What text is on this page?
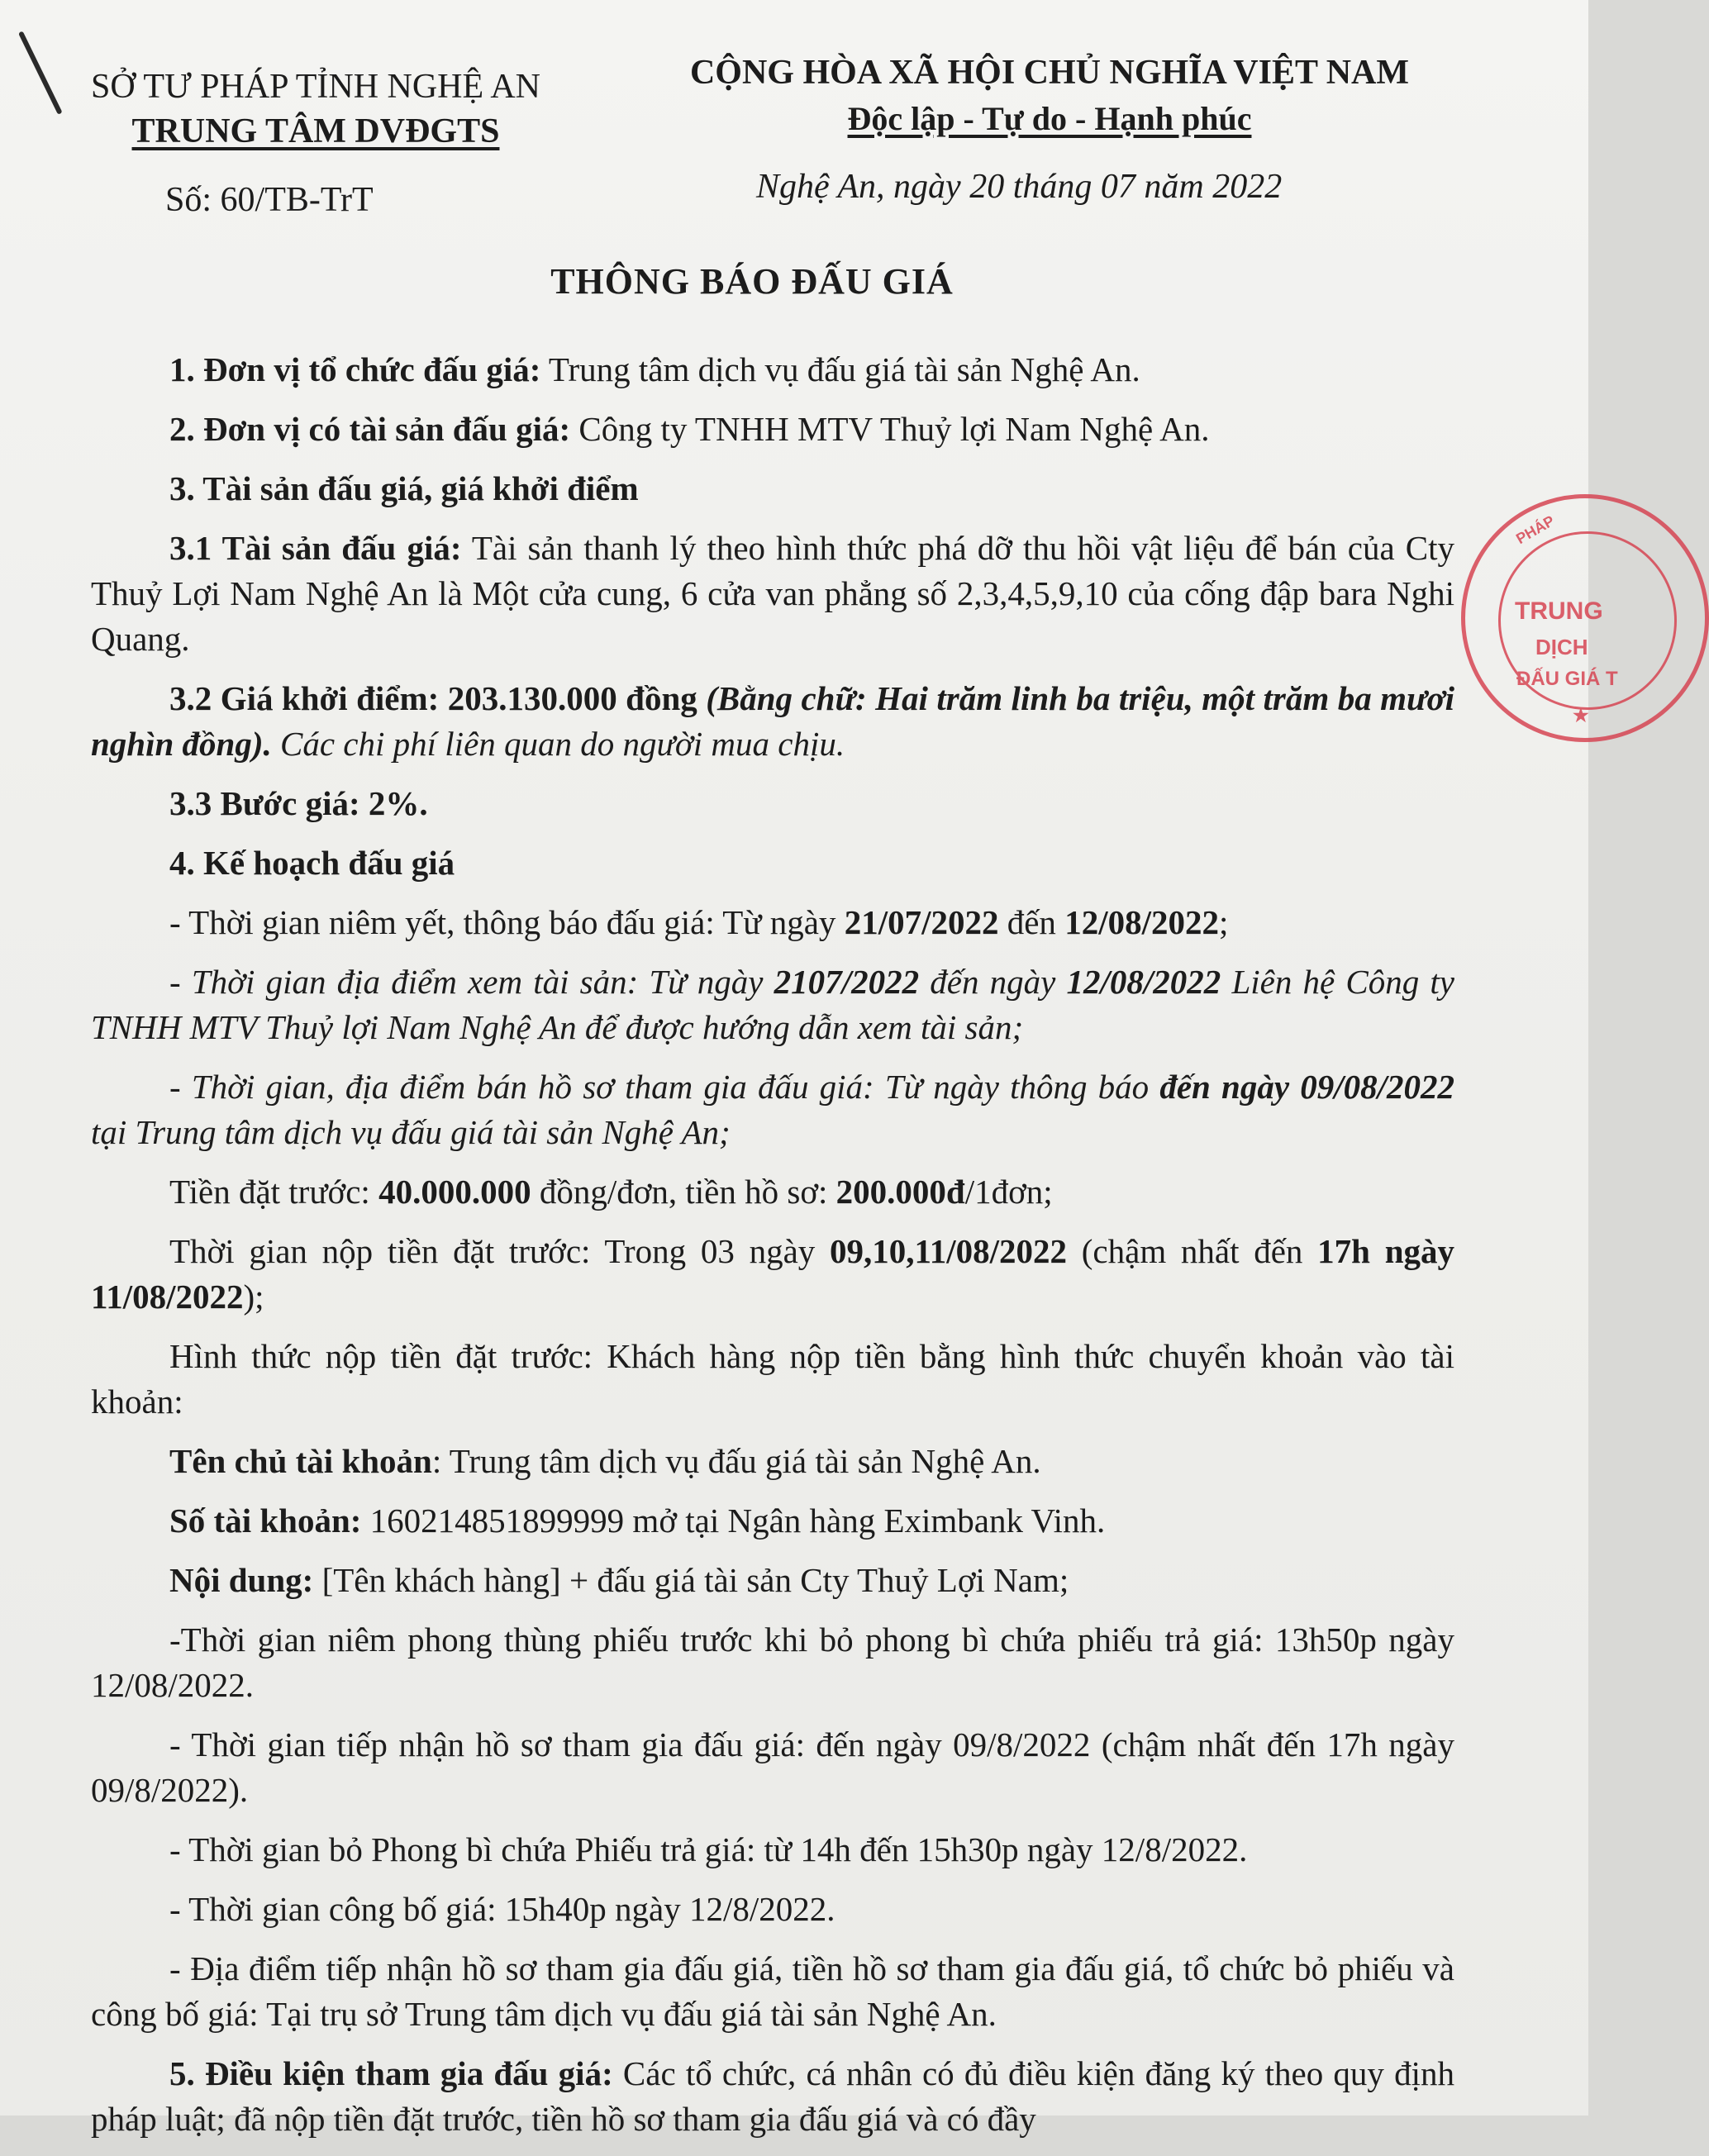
SỞ TƯ PHÁP TỈNH NGHỆ AN
TRUNG TÂM DVĐGTS
CỘNG HÒA XÃ HỘI CHỦ NGHĨA VIỆT NAM
Độc lập - Tự do - Hạnh phúc
Số: 60/TB-TrT	Nghệ An, ngày 20 tháng 07 năm 2022
THÔNG BÁO ĐẤU GIÁ

1. Đơn vị tổ chức đấu giá: Trung tâm dịch vụ đấu giá tài sản Nghệ An.

2. Đơn vị có tài sản đấu giá: Công ty TNHH MTV Thuỷ lợi Nam Nghệ An.

3. Tài sản đấu giá, giá khởi điểm

3.1 Tài sản đấu giá: Tài sản thanh lý theo hình thức phá dỡ thu hồi vật liệu để bán của Cty Thuỷ Lợi Nam Nghệ An là Một cửa cung, 6 cửa van phẳng số 2,3,4,5,9,10 của cống đập bara Nghi Quang.

3.2 Giá khởi điểm: 203.130.000 đồng (Bằng chữ: Hai trăm linh ba triệu, một trăm ba mươi nghìn đồng). Các chi phí liên quan do người mua chịu.

3.3 Bước giá: 2%.

4. Kế hoạch đấu giá

- Thời gian niêm yết, thông báo đấu giá: Từ ngày 21/07/2022 đến 12/08/2022;

- Thời gian địa điểm xem tài sản: Từ ngày 2107/2022 đến ngày 12/08/2022 Liên hệ Công ty TNHH MTV Thuỷ lợi Nam Nghệ An để được hướng dẫn xem tài sản;

- Thời gian, địa điểm bán hồ sơ tham gia đấu giá: Từ ngày thông báo đến ngày 09/08/2022 tại Trung tâm dịch vụ đấu giá tài sản Nghệ An;

Tiền đặt trước: 40.000.000 đồng/đơn, tiền hồ sơ: 200.000đ/1đơn;

Thời gian nộp tiền đặt trước: Trong 03 ngày 09,10,11/08/2022 (chậm nhất đến 17h ngày 11/08/2022);

Hình thức nộp tiền đặt trước: Khách hàng nộp tiền bằng hình thức chuyển khoản vào tài khoản:

Tên chủ tài khoản: Trung tâm dịch vụ đấu giá tài sản Nghệ An.

Số tài khoản: 160214851899999 mở tại Ngân hàng Eximbank Vinh.

Nội dung: [Tên khách hàng] + đấu giá tài sản Cty Thuỷ Lợi Nam;

-Thời gian niêm phong thùng phiếu trước khi bỏ phong bì chứa phiếu trả giá: 13h50p ngày 12/08/2022.

- Thời gian tiếp nhận hồ sơ tham gia đấu giá: đến ngày 09/8/2022 (chậm nhất đến 17h ngày 09/8/2022).

- Thời gian bỏ Phong bì chứa Phiếu trả giá: từ 14h đến 15h30p ngày 12/8/2022.

- Thời gian công bố giá: 15h40p ngày 12/8/2022.

- Địa điểm tiếp nhận hồ sơ tham gia đấu giá, tiền hồ sơ tham gia đấu giá, tổ chức bỏ phiếu và công bố giá: Tại trụ sở Trung tâm dịch vụ đấu giá tài sản Nghệ An.

5. Điều kiện tham gia đấu giá: Các tổ chức, cá nhân có đủ điều kiện đăng ký theo quy định pháp luật; đã nộp tiền đặt trước, tiền hồ sơ tham gia đấu giá và có đầy

PHÁP
TRUNG
DỊCH
ĐẤU GIÁ T
★
